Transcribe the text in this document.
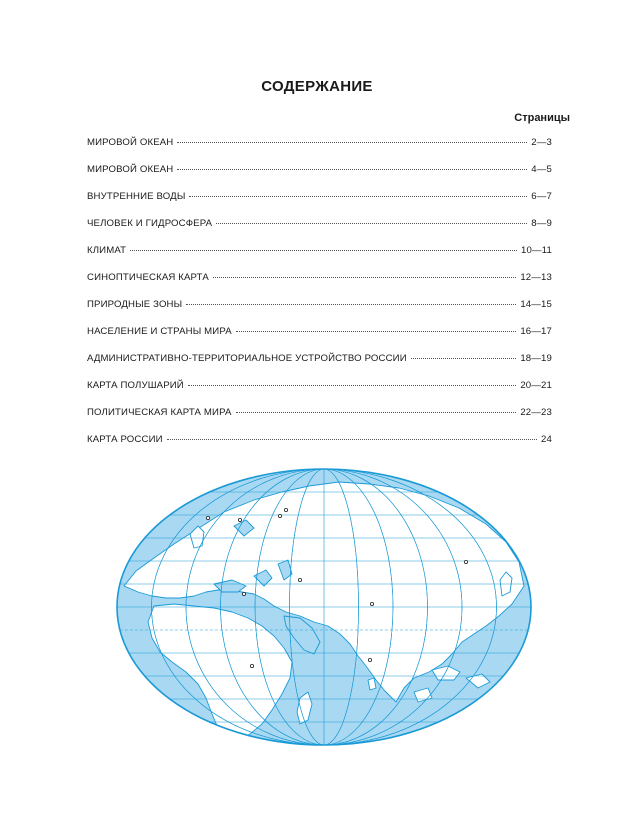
СОДЕРЖАНИЕ
Страницы
МИРОВОЙ ОКЕАН	2—3
МИРОВОЙ ОКЕАН	4—5
ВНУТРЕННИЕ ВОДЫ	6—7
ЧЕЛОВЕК И ГИДРОСФЕРА	8—9
КЛИМАТ	10—11
СИНОПТИЧЕСКАЯ КАРТА	12—13
ПРИРОДНЫЕ ЗОНЫ	14—15
НАСЕЛЕНИЕ И СТРАНЫ МИРА	16—17
АДМИНИСТРАТИВНО-ТЕРРИТОРИАЛЬНОЕ УСТРОЙСТВО РОССИИ	18—19
КАРТА ПОЛУШАРИЙ	20—21
ПОЛИТИЧЕСКАЯ КАРТА МИРА	22—23
КАРТА РОССИИ	24
